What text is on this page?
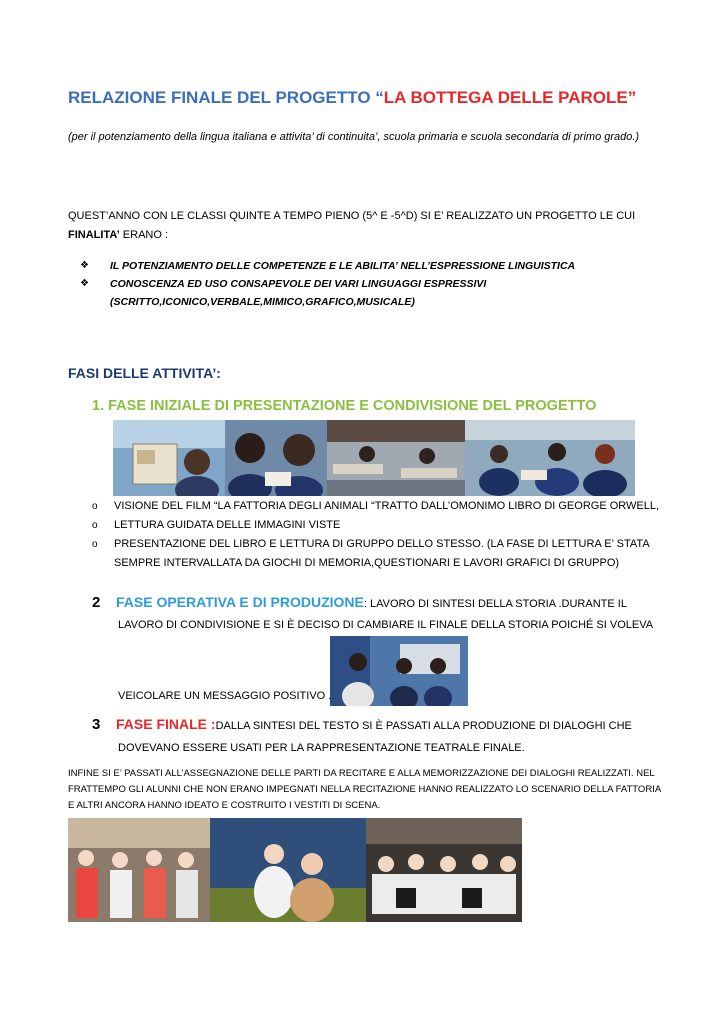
RELAZIONE FINALE DEL PROGETTO “LA BOTTEGA DELLE PAROLE”
(per il potenziamento della lingua italiana e attivita’ di continuita’, scuola primaria e scuola secondaria di primo grado.)
QUEST’ANNO CON LE CLASSI QUINTE A TEMPO PIENO (5^ E -5^D) SI E’ REALIZZATO UN PROGETTO LE CUI
FINALITA’ ERANO :
❖ IL POTENZIAMENTO DELLE COMPETENZE E LE ABILITA’ NELL’ESPRESSIONE LINGUISTICA
❖ CONOSCENZA ED USO CONSAPEVOLE DEI VARI LINGUAGGI ESPRESSIVI (SCRITTO,ICONICO,VERBALE,MIMICO,GRAFICO,MUSICALE)
FASI DELLE ATTIVITA’:
1. FASE INIZIALE DI PRESENTAZIONE E CONDIVISIONE DEL PROGETTO
o VISIONE DEL FILM “LA FATTORIA DEGLI ANIMALI “TRATTO DALL’OMONIMO LIBRO DI GEORGE ORWELL,
o LETTURA GUIDATA DELLE IMMAGINI VISTE
o PRESENTAZIONE DEL LIBRO E LETTURA DI GRUPPO DELLO STESSO. (LA FASE DI LETTURA E’ STATA SEMPRE INTERVALLATA DA GIOCHI DI MEMORIA,QUESTIONARI E LAVORI GRAFICI DI GRUPPO)
2 FASE OPERATIVA E DI PRODUZIONE: LAVORO DI SINTESI DELLA STORIA .DURANTE IL
LAVORO DI CONDIVISIONE E SI È DECISO DI CAMBIARE IL FINALE DELLA STORIA POICHÉ SI VOLEVA
VEICOLARE UN MESSAGGIO POSITIVO .
3 FASE FINALE :DALLA SINTESI DEL TESTO SI È PASSATI ALLA PRODUZIONE DI DIALOGHI CHE
DOVEVANO ESSERE USATI PER LA RAPPRESENTAZIONE TEATRALE FINALE.
INFINE SI E’ PASSATI ALL’ASSEGNAZIONE DELLE PARTI DA RECITARE E ALLA MEMORIZZAZIONE DEI DIALOGHI REALIZZATI. NEL FRATTEMPO GLI ALUNNI CHE NON ERANO IMPEGNATI NELLA RECITAZIONE HANNO REALIZZATO LO SCENARIO DELLA FATTORIA E ALTRI ANCORA HANNO IDEATO E COSTRUITO I VESTITI DI SCENA.
